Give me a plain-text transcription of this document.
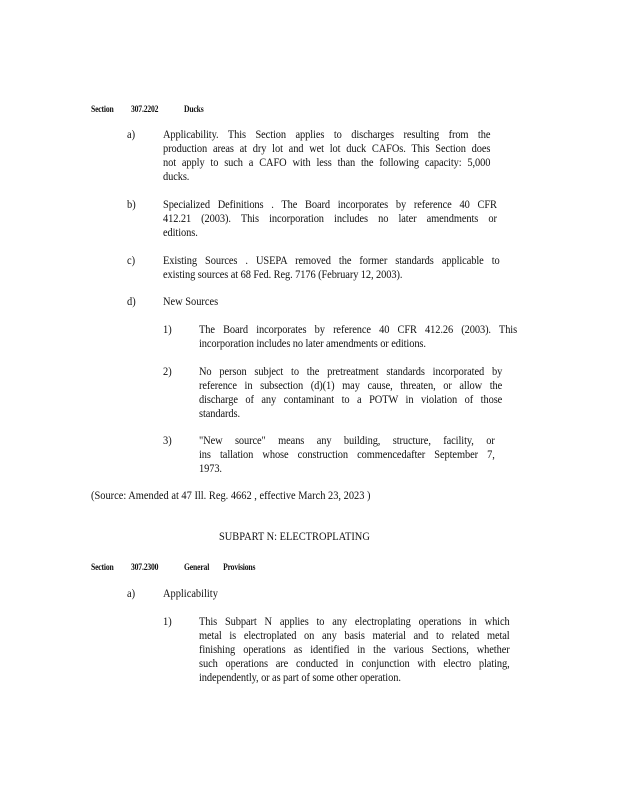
Section 307.2202	Ducks
a) Applicability. This Section applies to discharges resulting from the
production areas at dry lot and wet lot duck CAFOs. This Section does
not apply to such a CAFO with less than the following capacity: 5,000
ducks.
b) Specialized Definitions . The Board incorporates by reference 40 CFR
412.21 (2003). This incorporation includes no later amendments or
editions.
c) Existing Sources . USEPA removed the former standards applicable to
existing sources at 68 Fed. Reg. 7176 (February 12, 2003).
d) New Sources
1) The Board incorporates by reference 40 CFR 412.26 (2003). This
incorporation includes no later amendments or editions.
2) No person subject to the pretreatment standards incorporated by
reference in subsection (d)(1) may cause, threaten, or allow the
discharge of any contaminant to a POTW in violation of those
standards.
3) "New source" means any building, structure, facility, or
ins tallation whose construction commencedafter September 7,
1973.
(Source: Amended at 47 Ill. Reg. 4662 , effective March 23, 2023 )
SUBPART N: ELECTROPLATING
Section 307.2300	General        Provisions
a) Applicability
1) This Subpart N applies to any electroplating operations in which
metal is electroplated on any basis material and to related metal
finishing operations as identified in the various Sections, whether
such operations are conducted in conjunction with electro plating,
independently, or as part of some other operation.
